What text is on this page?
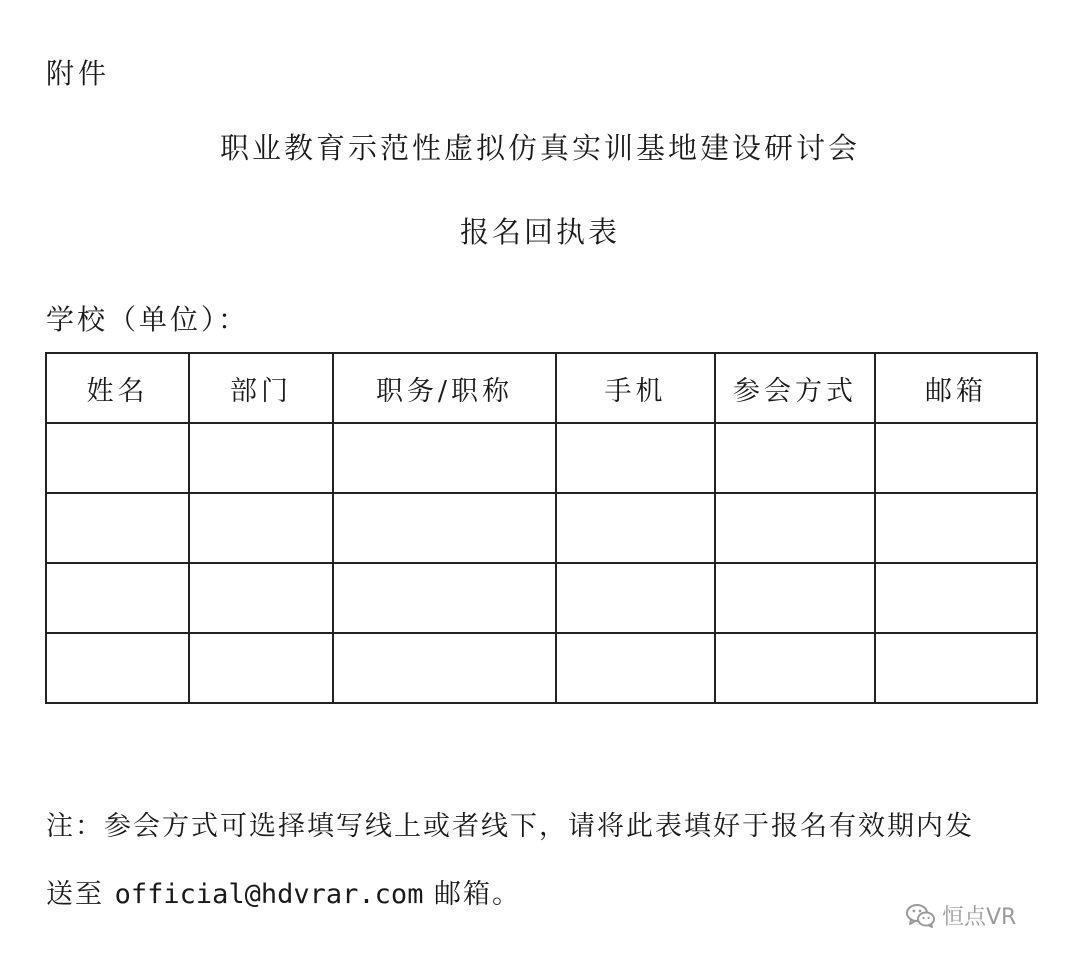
附件
职业教育示范性虚拟仿真实训基地建设研讨会
报名回执表
学校（单位）：
姓名	部门	职务/职称	手机	参会方式	邮箱

注：参会方式可选择填写线上或者线下，请将此表填好于报名有效期内发
送至 official@hdvrar.com 邮箱。
恒点VR
